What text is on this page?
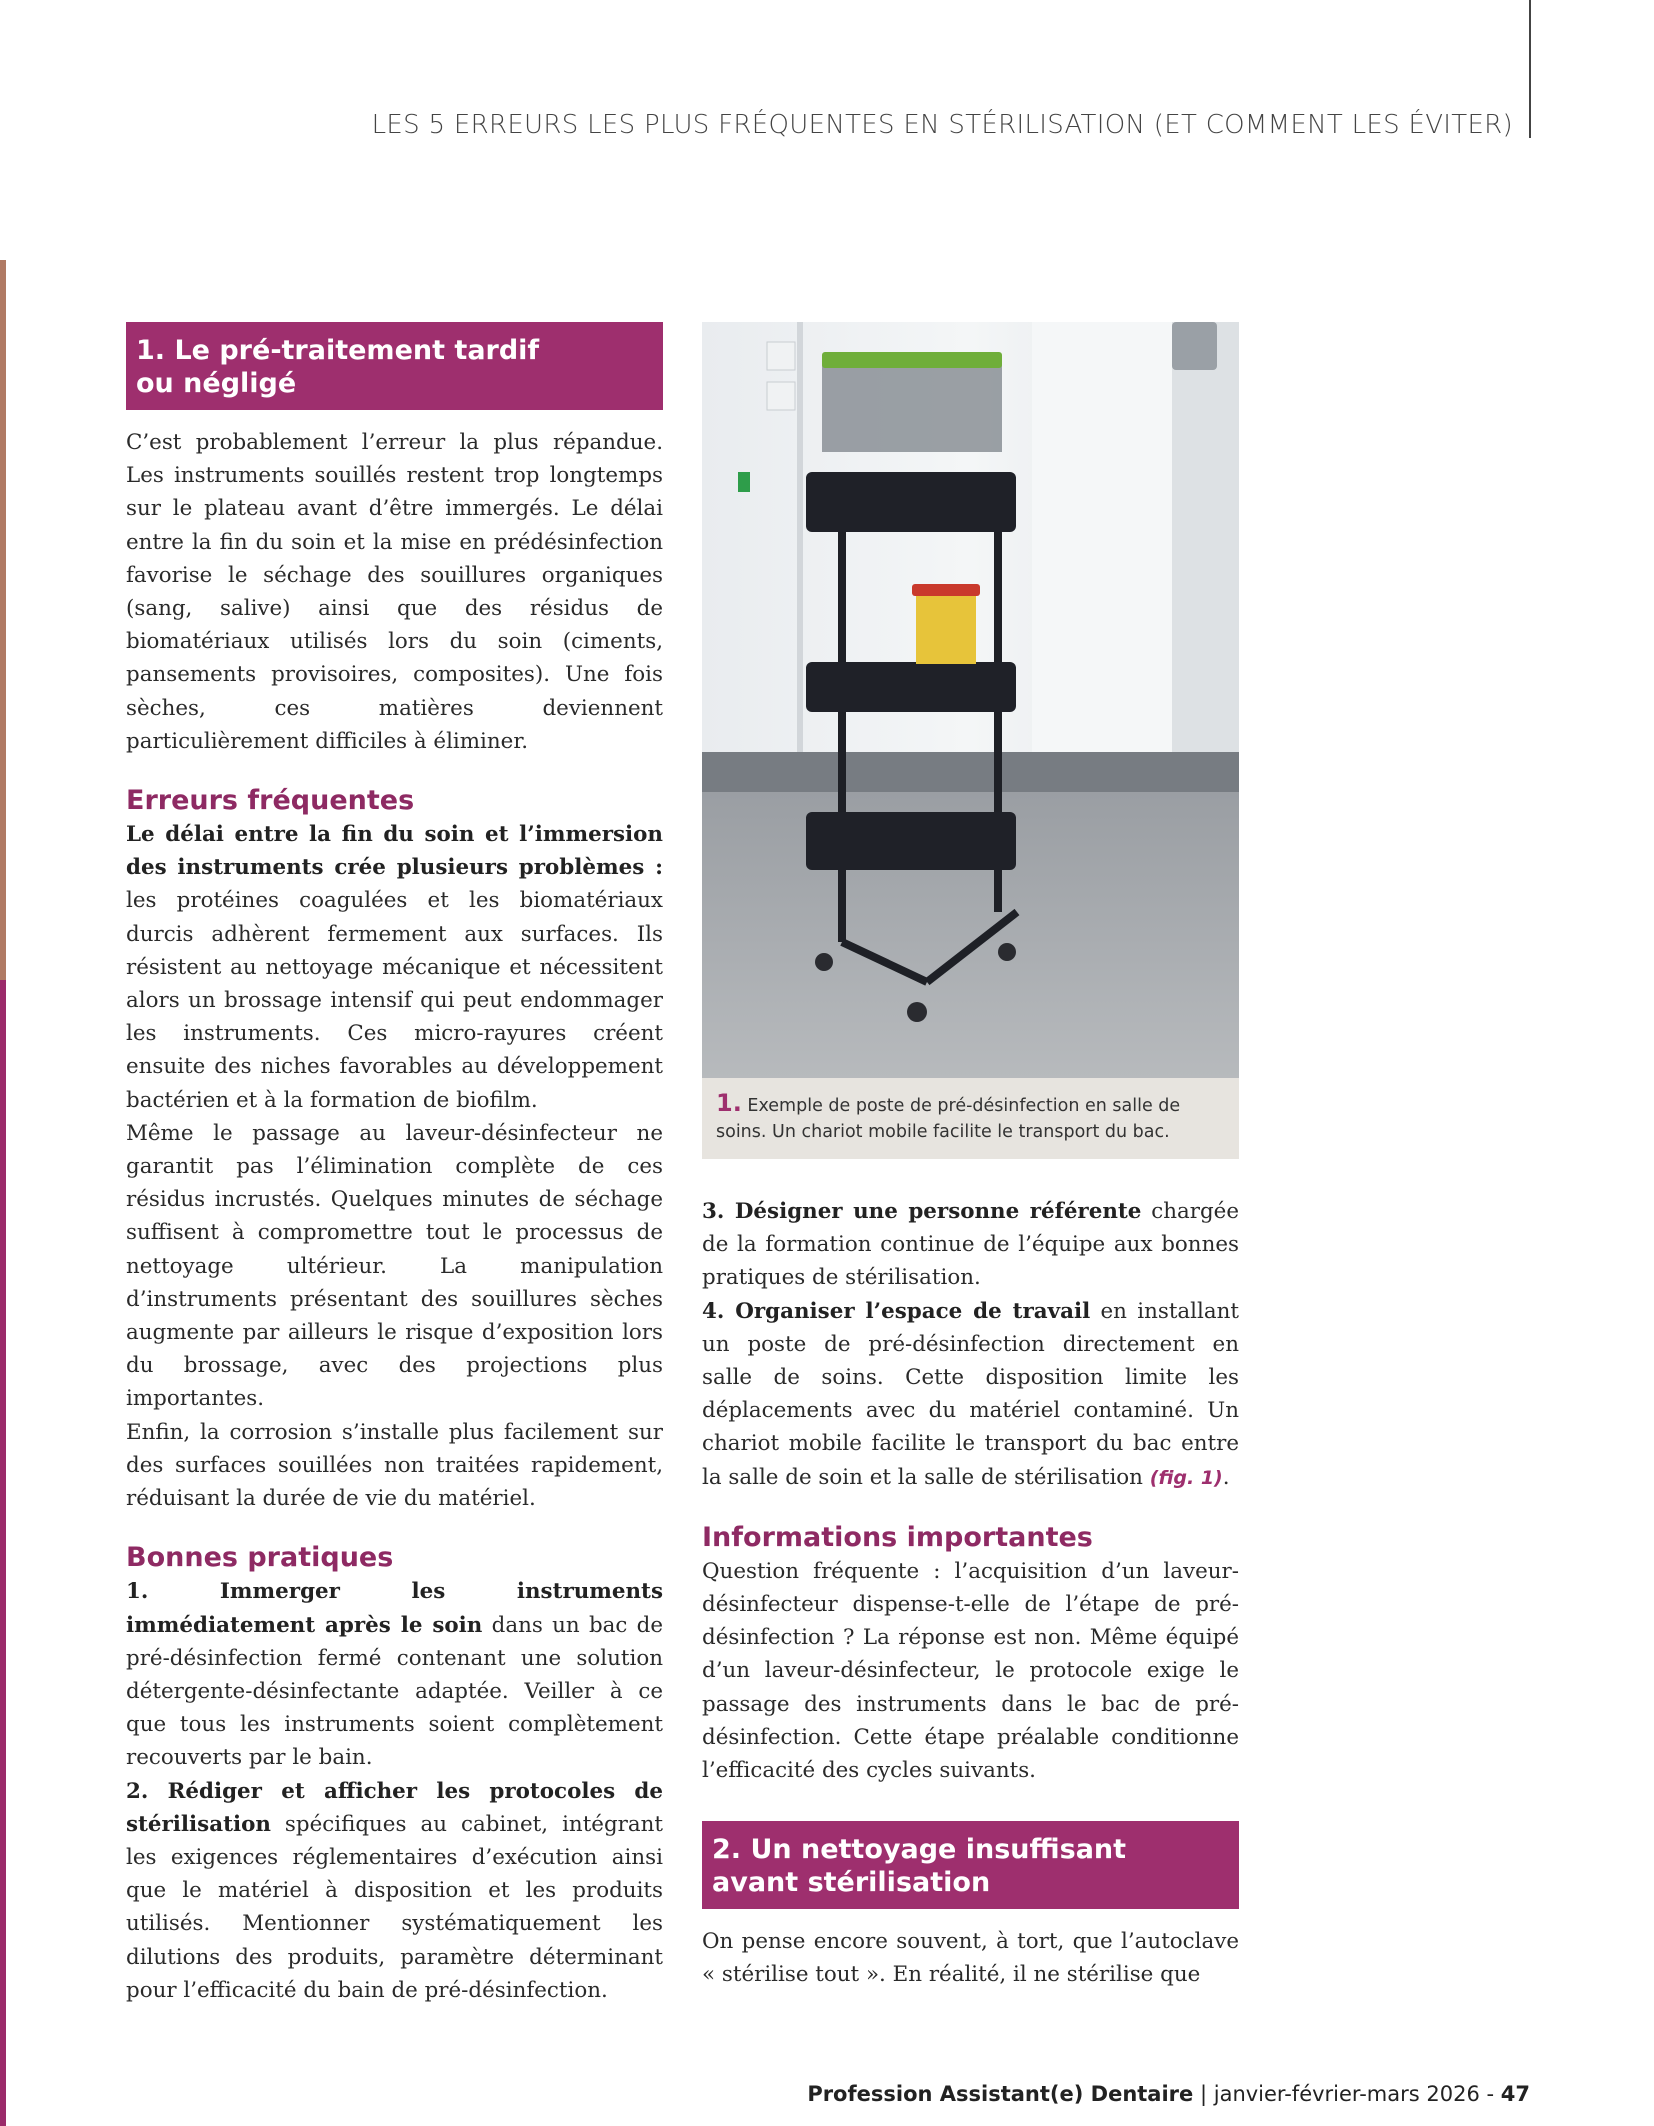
LES 5 ERREURS LES PLUS FRÉQUENTES EN STÉRILISATION (ET COMMENT LES ÉVITER)
1. Le pré-traitement tardif
ou négligé

C’est probablement l’erreur la plus répandue. Les instruments souillés restent trop longtemps sur le plateau avant d’être immergés. Le délai entre la fin du soin et la mise en prédésinfection favorise le séchage des souillures organiques (sang, salive) ainsi que des résidus de biomatériaux utilisés lors du soin (ciments, pansements provisoires, composites). Une fois sèches, ces matières deviennent particulièrement difficiles à éliminer.

Erreurs fréquentes

Le délai entre la fin du soin et l’immersion des instruments crée plusieurs problèmes : les protéines coagulées et les biomatériaux durcis adhèrent fermement aux surfaces. Ils résistent au nettoyage mécanique et nécessitent alors un brossage intensif qui peut endommager les instruments. Ces micro-rayures créent ensuite des niches favorables au développement bactérien et à la formation de biofilm.

Même le passage au laveur-désinfecteur ne garantit pas l’élimination complète de ces résidus incrustés. Quelques minutes de séchage suffisent à compromettre tout le processus de nettoyage ultérieur. La manipulation d’instruments présentant des souillures sèches augmente par ailleurs le risque d’exposition lors du brossage, avec des projections plus importantes.

Enfin, la corrosion s’installe plus facilement sur des surfaces souillées non traitées rapidement, réduisant la durée de vie du matériel.

Bonnes pratiques

1. Immerger les instruments immédiatement après le soin dans un bac de pré-désinfection fermé contenant une solution détergente-désinfectante adaptée. Veiller à ce que tous les instruments soient complètement recouverts par le bain.

2. Rédiger et afficher les protocoles de stérilisation spécifiques au cabinet, intégrant les exigences réglementaires d’exécution ainsi que le matériel à disposition et les produits utilisés. Mentionner systématiquement les dilutions des produits, paramètre déterminant pour l’efficacité du bain de pré-désinfection.

1. Exemple de poste de pré-désinfection en salle de soins. Un chariot mobile facilite le transport du bac.

3. Désigner une personne référente chargée de la formation continue de l’équipe aux bonnes pratiques de stérilisation.

4. Organiser l’espace de travail en installant un poste de pré-désinfection directement en salle de soins. Cette disposition limite les déplacements avec du matériel contaminé. Un chariot mobile facilite le transport du bac entre la salle de soin et la salle de stérilisation (fig. 1).

Informations importantes

Question fréquente : l’acquisition d’un laveur-désinfecteur dispense-t-elle de l’étape de pré-désinfection ? La réponse est non. Même équipé d’un laveur-désinfecteur, le protocole exige le passage des instruments dans le bac de pré-désinfection. Cette étape préalable conditionne l’efficacité des cycles suivants.

2. Un nettoyage insuffisant
avant stérilisation

On pense encore souvent, à tort, que l’autoclave « stérilise tout ». En réalité, il ne stérilise que

Profession Assistant(e) Dentaire | janvier-février-mars 2026 - 47
